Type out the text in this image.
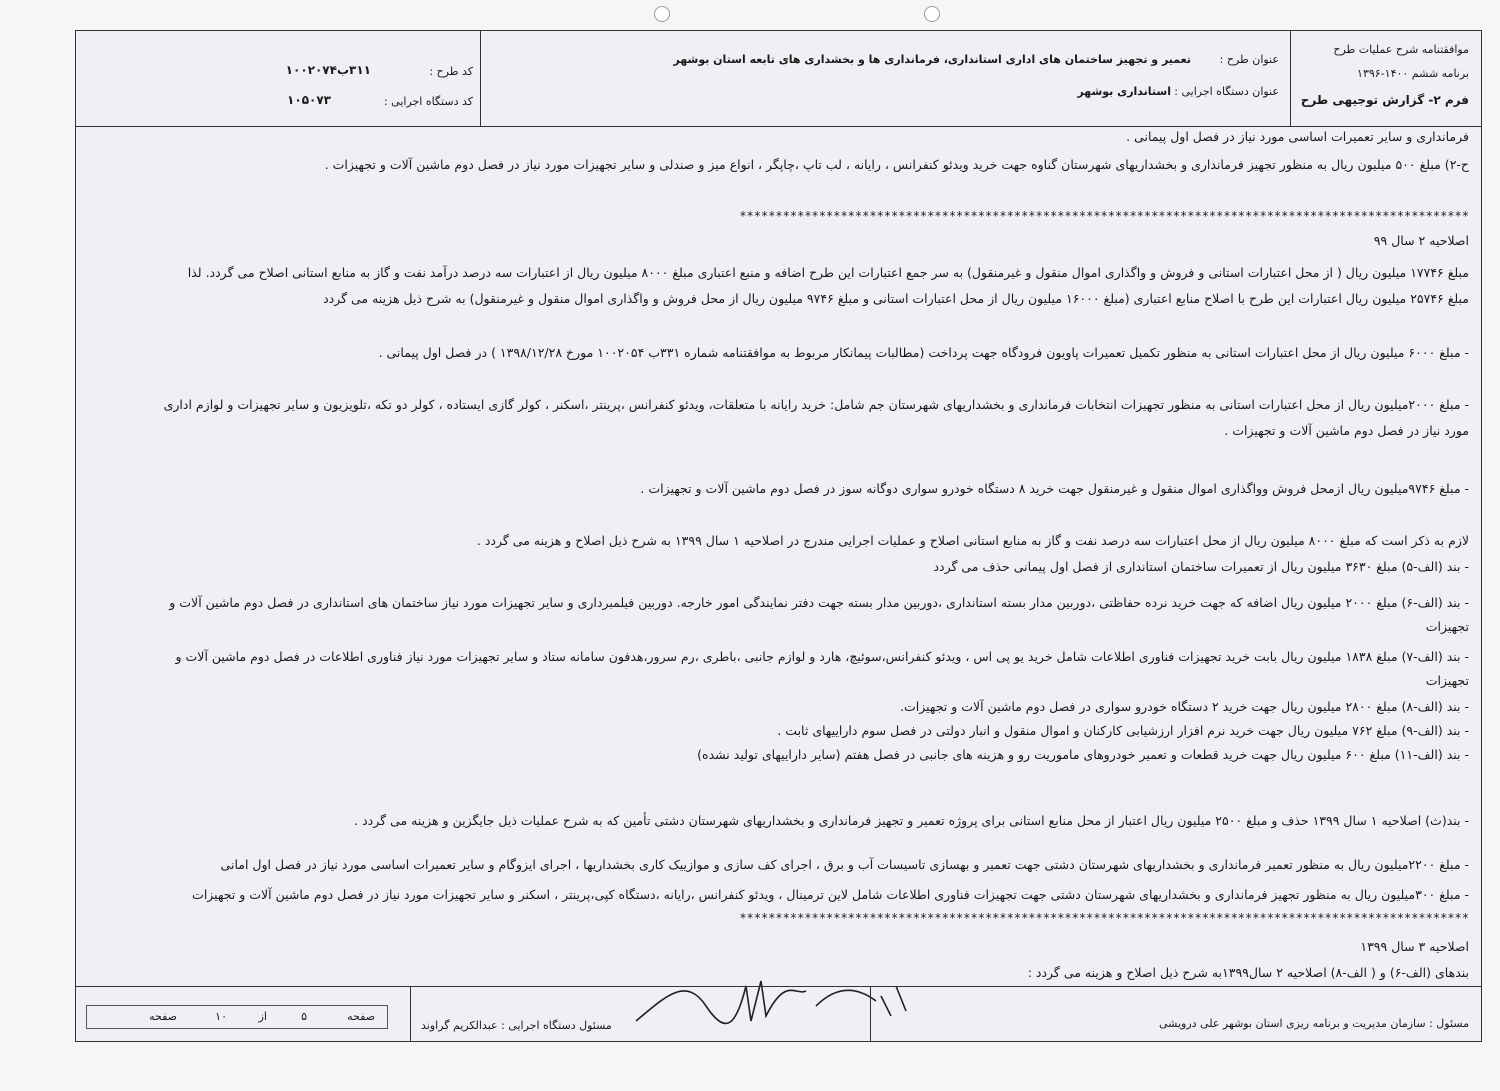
موافقتنامه شرح عملیات طرح
برنامه ششم ۱۴۰۰-۱۳۹۶
فرم ۲- گزارش توجیهی طرح
عنوان طرح :
تعمیر و تجهیز ساختمان های اداری استانداری، فرمانداری ها و بخشداری های تابعه استان بوشهر
عنوان دستگاه اجرایی :
استانداری بوشهر
کد طرح :
۳۱۱ب۱۰۰۲۰۷۴
کد دستگاه اجرایی :
۱۰۵۰۷۳
فرمانداری و سایر تعمیرات اساسی مورد نیاز در فصل اول پیمانی .
ح-۲) مبلغ ۵۰۰ میلیون ریال به منظور تجهیز فرمانداری و بخشداریهای شهرستان گناوه جهت خرید ویدئو کنفرانس ، رایانه ، لب تاپ ،چاپگر ، انواع میز و صندلی و سایر تجهیزات مورد نیاز در فصل دوم ماشین آلات و تجهیزات .
*****************************************************************************************************
اصلاحیه ۲ سال ۹۹
مبلغ ۱۷۷۴۶ میلیون ریال ( از محل اعتبارات استانی و فروش و واگذاری اموال منقول و غیرمنقول) به سر جمع اعتبارات این طرح اضافه و منبع اعتباری مبلغ ۸۰۰۰ میلیون ریال از اعتبارات سه درصد درآمد نفت و گاز به منابع استانی اصلاح می گردد. لذا
مبلغ ۲۵۷۴۶ میلیون ریال اعتبارات این طرح با اصلاح منابع اعتباری (مبلغ ۱۶۰۰۰ میلیون ریال از محل اعتبارات استانی و مبلغ ۹۷۴۶ میلیون ریال از محل فروش و واگذاری اموال منقول و غیرمنقول) به شرح ذیل هزینه می گردد
- مبلغ ۶۰۰۰ میلیون ریال از محل اعتبارات استانی به منظور تکمیل تعمیرات پاویون فرودگاه جهت پرداخت (مطالبات پیمانکار مربوط به موافقتنامه شماره ۳۳۱ب ۱۰۰۲۰۵۴ مورخ ۱۳۹۸/۱۲/۲۸ ) در فصل اول پیمانی .
- مبلغ ۲۰۰۰میلیون ریال از محل اعتبارات استانی به منظور تجهیزات انتخابات فرمانداری و بخشداریهای شهرستان جم شامل: خرید رایانه با متعلقات، ویدئو کنفرانس ،پرینتر ،اسکنر ، کولر گازی ایستاده ، کولر دو تکه ،تلویزیون و سایر تجهیزات و لوازم اداری
مورد نیاز در فصل دوم ماشین آلات و تجهیزات .
- مبلغ ۹۷۴۶میلیون ریال ازمحل فروش وواگذاری اموال منقول و غیرمنقول جهت خرید ۸ دستگاه خودرو سواری دوگانه سوز در فصل دوم ماشین آلات و تجهیزات .
لازم به ذکر است که مبلغ ۸۰۰۰ میلیون ریال از محل اعتبارات سه درصد نفت و گاز به منابع استانی اصلاح و عملیات اجرایی مندرج در اصلاحیه ۱ سال ۱۳۹۹ به شرح ذیل اصلاح و هزینه می گردد .
- بند (الف-۵) مبلغ ۳۶۳۰ میلیون ریال از تعمیرات ساختمان استانداری از فصل اول پیمانی حذف می گردد
- بند (الف-۶) مبلغ ۲۰۰۰ میلیون ریال اضافه که جهت خرید نرده حفاظتی ،دوربین مدار بسته استانداری ،دوربین مدار بسته جهت دفتر نمایندگی امور خارجه. دوربین فیلمبرداری و سایر تجهیزات مورد نیاز ساختمان های استانداری در فصل دوم ماشین آلات و
تجهیزات
- بند (الف-۷) مبلغ ۱۸۳۸ میلیون ریال بابت خرید تجهیزات فناوری اطلاعات شامل خرید یو پی اس ، ویدئو کنفرانس،سوئیچ، هارد و لوازم جانبی ،باطری ،رم سرور،هدفون سامانه ستاد و سایر تجهیزات مورد نیاز فناوری اطلاعات در فصل دوم ماشین آلات و
تجهیزات
- بند (الف-۸) مبلغ ۲۸۰۰ میلیون ریال جهت خرید ۲ دستگاه خودرو سواری در فصل دوم ماشین آلات و تجهیزات.
- بند (الف-۹) مبلغ ۷۶۲ میلیون ریال جهت خرید نرم افزار ارزشیابی کارکنان و اموال منقول و انبار دولتی در فصل سوم داراییهای ثابت .
- بند (الف-۱۱) مبلغ ۶۰۰ میلیون ریال جهت خرید قطعات و تعمیر خودروهای ماموریت رو و هزینه های جانبی در فصل هفتم (سایر داراییهای تولید نشده)
- بند(ث) اصلاحیه ۱ سال ۱۳۹۹ حذف و مبلغ ۲۵۰۰ میلیون ریال اعتبار از محل منابع استانی برای پروژه تعمیر و تجهیز فرمانداری و بخشداریهای شهرستان دشتی تأمین که به شرح عملیات ذیل جایگزین و هزینه می گردد .
- مبلغ ۲۲۰۰میلیون ریال به منظور تعمیر فرمانداری و بخشداریهای شهرستان دشتی جهت تعمیر و بهسازی تاسیسات آب و برق ، اجرای کف سازی و موازییک کاری بخشداریها ، اجرای ایزوگام و سایر تعمیرات اساسی مورد نیاز در فصل اول امانی
- مبلغ ۳۰۰میلیون ریال به منظور تجهیز فرمانداری و بخشداریهای شهرستان دشتی جهت تجهیزات فناوری اطلاعات شامل لاین ترمینال ، ویدئو کنفرانس ،رایانه ،دستگاه کپی،پرینتر ، اسکنر و سایر تجهیزات مورد نیاز در فصل دوم ماشین آلات و تجهیزات
*****************************************************************************************************
اصلاحیه ۳ سال ۱۳۹۹
بندهای (الف-۶) و ( الف-۸) اصلاحیه ۲ سال۱۳۹۹به شرح ذیل اصلاح و هزینه می گردد :
مسئول : سازمان مدیریت و برنامه ریزی استان بوشهر علی درویشی
مسئول دستگاه اجرایی : عبدالکریم گراوند
صفحه
۵
از
۱۰
صفحه
